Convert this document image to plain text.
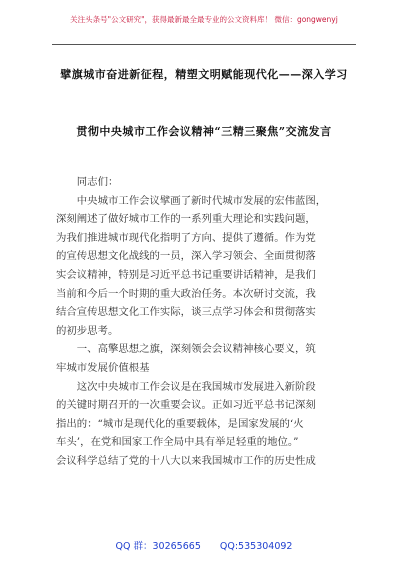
关注头条号"公文研究"，获得最新最全最专业的公文资料库！ 微信：gongwenyj
擘旗城市奋进新征程，精塑文明赋能现代化——深入学习
贯彻中央城市工作会议精神“三精三聚焦”交流发言
同志们：
中央城市工作会议擘画了新时代城市发展的宏伟蓝图，
深刻阐述了做好城市工作的一系列重大理论和实践问题，
为我们推进城市现代化指明了方向、提供了遵循。作为党
的宣传思想文化战线的一员，深入学习领会、全面贯彻落
实会议精神，特别是习近平总书记重要讲话精神，是我们
当前和今后一个时期的重大政治任务。本次研讨交流，我
结合宣传思想文化工作实际，谈三点学习体会和贯彻落实
的初步思考。
一、高擎思想之旗，深刻领会会议精神核心要义，筑
牢城市发展价值根基
这次中央城市工作会议是在我国城市发展进入新阶段
的关键时期召开的一次重要会议。正如习近平总书记深刻
指出的：“城市是现代化的重要载体，是国家发展的‘火
车头’，在党和国家工作全局中具有举足轻重的地位。”
会议科学总结了党的十八大以来我国城市工作的历史性成
QQ 群：30265665 QQ:535304092
